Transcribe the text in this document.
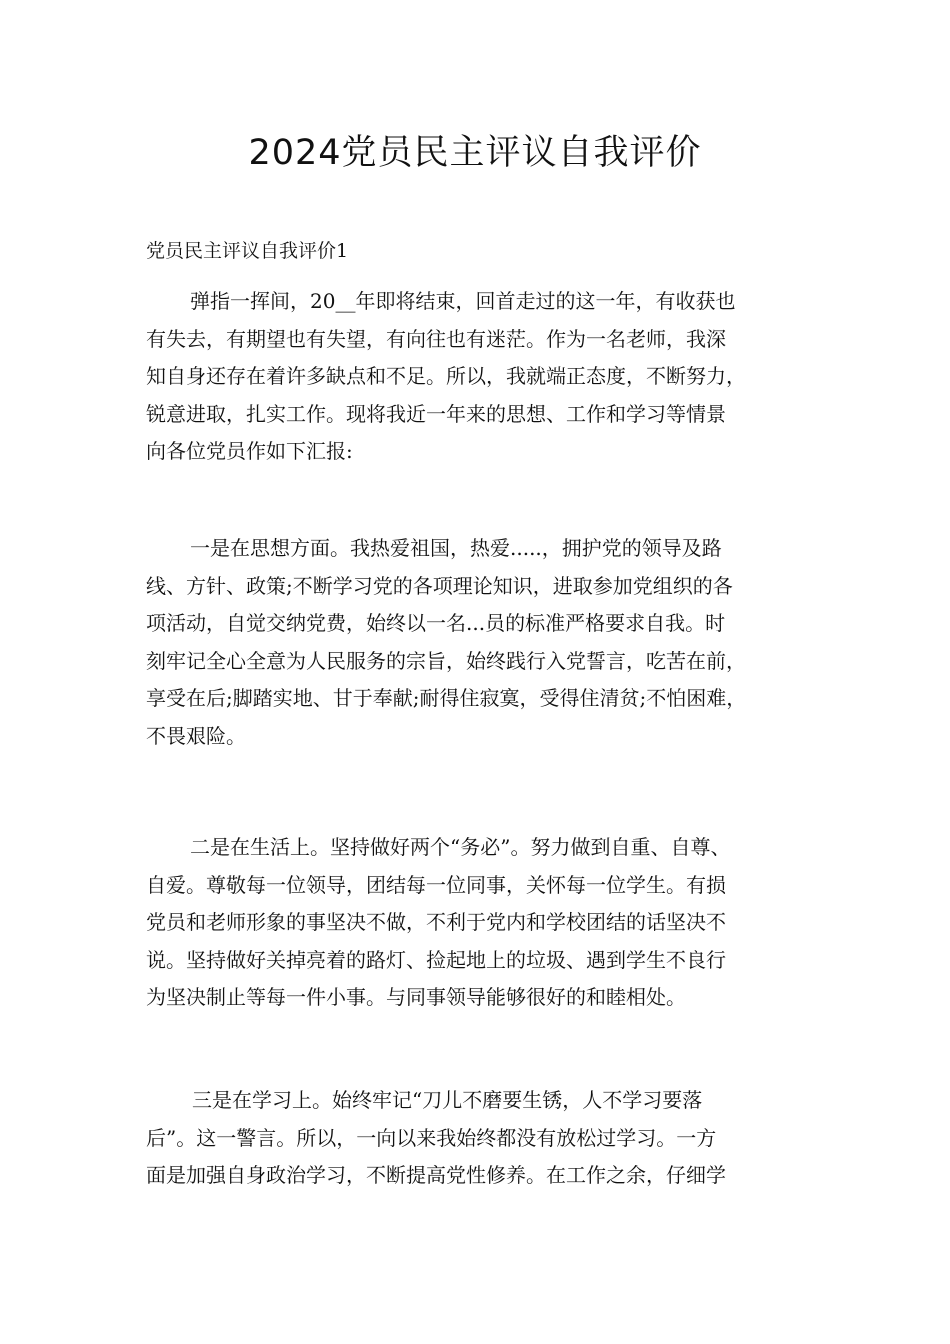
2024党员民主评议自我评价
党员民主评议自我评价1

弹指一挥间，20__年即将结束，回首走过的这一年，有收获也
有失去，有期望也有失望，有向往也有迷茫。作为一名老师，我深
知自身还存在着许多缺点和不足。所以，我就端正态度，不断努力，
锐意进取，扎实工作。现将我近一年来的思想、工作和学习等情景
向各位党员作如下汇报:

一是在思想方面。我热爱祖国，热爱.....，拥护党的领导及路
线、方针、政策;不断学习党的各项理论知识，进取参加党组织的各
项活动，自觉交纳党费，始终以一名...员的标准严格要求自我。时
刻牢记全心全意为人民服务的宗旨，始终践行入党誓言，吃苦在前，
享受在后;脚踏实地、甘于奉献;耐得住寂寞，受得住清贫;不怕困难，
不畏艰险。

二是在生活上。坚持做好两个“务必”。努力做到自重、自尊、
自爱。尊敬每一位领导，团结每一位同事，关怀每一位学生。有损
党员和老师形象的事坚决不做，不利于党内和学校团结的话坚决不
说。坚持做好关掉亮着的路灯、捡起地上的垃圾、遇到学生不良行
为坚决制止等每一件小事。与同事领导能够很好的和睦相处。

三是在学习上。始终牢记“刀儿不磨要生锈，人不学习要落
后”。这一警言。所以，一向以来我始终都没有放松过学习。一方
面是加强自身政治学习，不断提高党性修养。在工作之余，仔细学
